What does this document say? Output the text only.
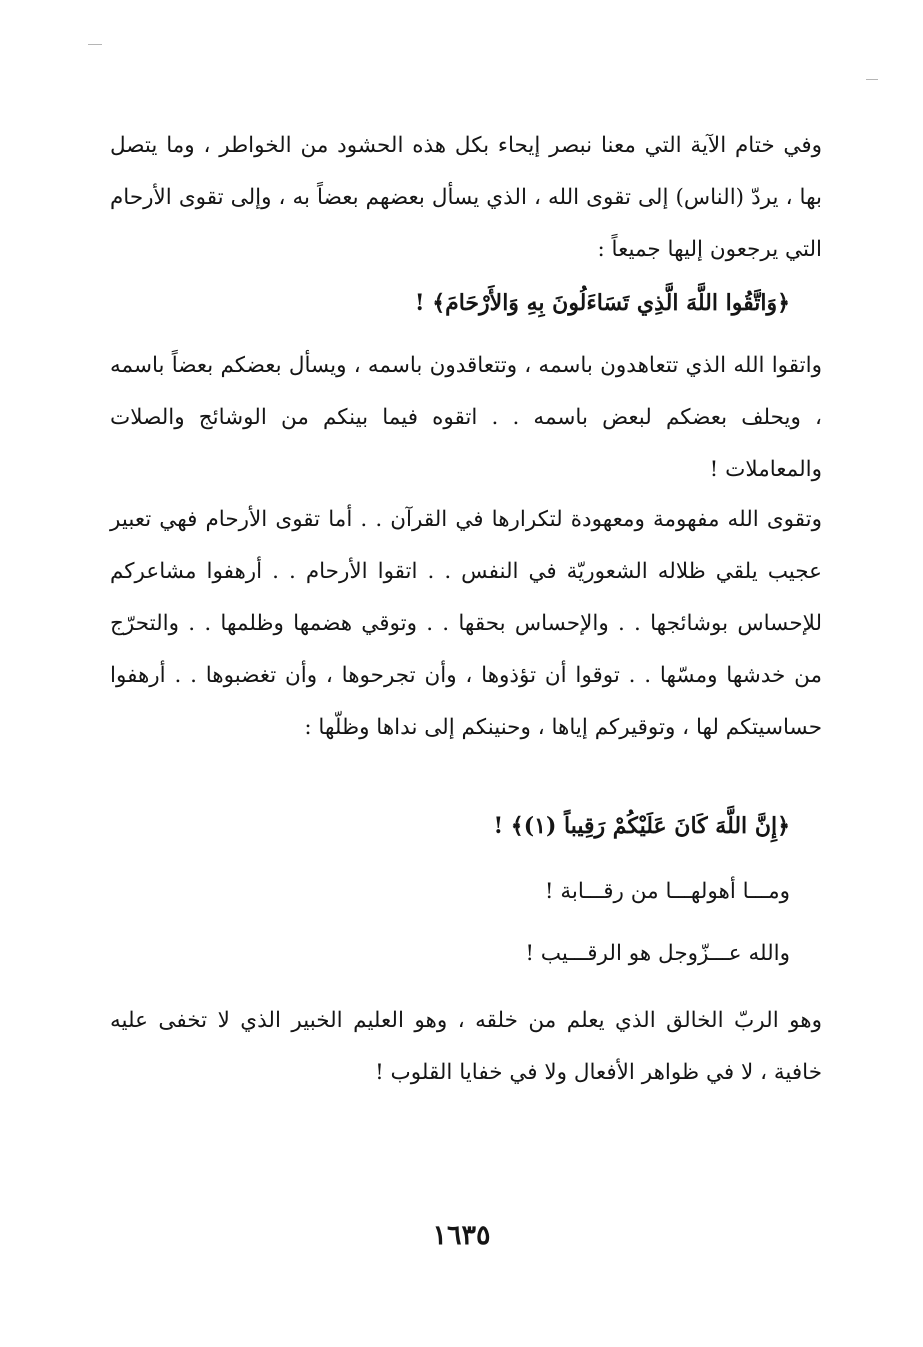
وفي ختام الآية التي معنا نبصر إيحاء بكل هذه الحشود من الخواطر ، وما يتصل بها ، يردّ (الناس) إلى تقوى الله ، الذي يسأل بعضهم بعضاً به ، وإلى تقوى الأرحام التي يرجعون إليها جميعاً :

﴿وَاتَّقُوا اللَّهَ الَّذِي تَسَاءَلُونَ بِهِ وَالأَرْحَامَ﴾ !

واتقوا الله الذي تتعاهدون باسمه ، وتتعاقدون باسمه ، ويسأل بعضكم بعضاً باسمه ، ويحلف بعضكم لبعض باسمه . . اتقوه فيما بينكم من الوشائج والصلات والمعاملات !

وتقوى الله مفهومة ومعهودة لتكرارها في القرآن . . أما تقوى الأرحام فهي تعبير عجيب يلقي ظلاله الشعوريّة في النفس . . اتقوا الأرحام . . أرهفوا مشاعركم للإحساس بوشائجها . . والإحساس بحقها . . وتوقي هضمها وظلمها . . والتحرّج من خدشها ومسّها . . توقوا أن تؤذوها ، وأن تجرحوها ، وأن تغضبوها . . أرهفوا حساسيتكم لها ، وتوقيركم إياها ، وحنينكم إلى نداها وظلّها :

﴿إِنَّ اللَّهَ كَانَ عَلَيْكُمْ رَقِيباً (١)﴾ !
ومـــا أهولهـــا من رقـــابة !
والله عـــزّوجل هو الرقـــيب !

وهو الربّ الخالق الذي يعلم من خلقه ، وهو العليم الخبير الذي لا تخفى عليه خافية ، لا في ظواهر الأفعال ولا في خفايا القلوب !

١٦٣٥
